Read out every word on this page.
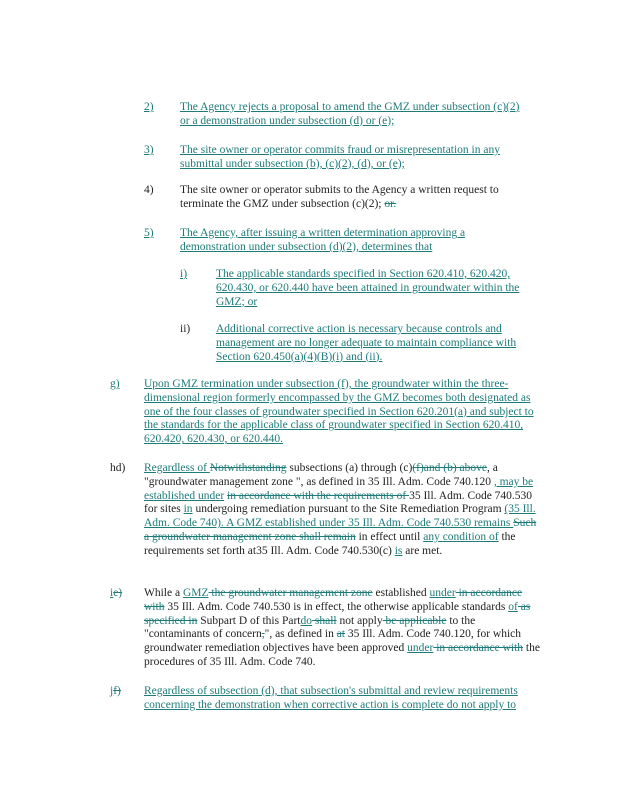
2) The Agency rejects a proposal to amend the GMZ under subsection (c)(2) or a demonstration under subsection (d) or (e);
3) The site owner or operator commits fraud or misrepresentation in any submittal under subsection (b), (c)(2), (d), or (e);
4) The site owner or operator submits to the Agency a written request to terminate the GMZ under subsection (c)(2); or.
5) The Agency, after issuing a written determination approving a demonstration under subsection (d)(2), determines that
i)	The applicable standards specified in Section 620.410, 620.420, 620.430, or 620.440 have been attained in groundwater within the GMZ; or
ii) Additional corrective action is necessary because controls and management are no longer adequate to maintain compliance with Section 620.450(a)(4)(B)(i) and (ii).
g) Upon GMZ termination under subsection (f), the groundwater within the three-dimensional region formerly encompassed by the GMZ becomes both designated as one of the four classes of groundwater specified in Section 620.201(a) and subject to the standards for the applicable class of groundwater specified in Section 620.410, 620.420, 620.430, or 620.440.
hd) Regardless of Notwithstanding subsections (a) through (c)(f)and (b) above, a "groundwater management zone ", as defined in 35 Ill. Adm. Code 740.120 , may be established under in accordance with the requirements of 35 Ill. Adm. Code 740.530 for sites in undergoing remediation pursuant to the Site Remediation Program (35 Ill. Adm. Code 740). A GMZ established under 35 Ill. Adm. Code 740.530 remains Such a groundwater management zone shall remain in effect until any condition of the requirements set forth at35 Ill. Adm. Code 740.530(c) is are met.
ie) While a GMZ the groundwater management zone established under in accordance with 35 Ill. Adm. Code 740.530 is in effect, the otherwise applicable standards of as specified in Subpart D of this Partdo shall not apply be applicable to the "contaminants of concern,", as defined in at 35 Ill. Adm. Code 740.120, for which groundwater remediation objectives have been approved under in accordance with the procedures of 35 Ill. Adm. Code 740.
jf) Regardless of subsection (d), that subsection's submittal and review requirements concerning the demonstration when corrective action is complete do not apply to
